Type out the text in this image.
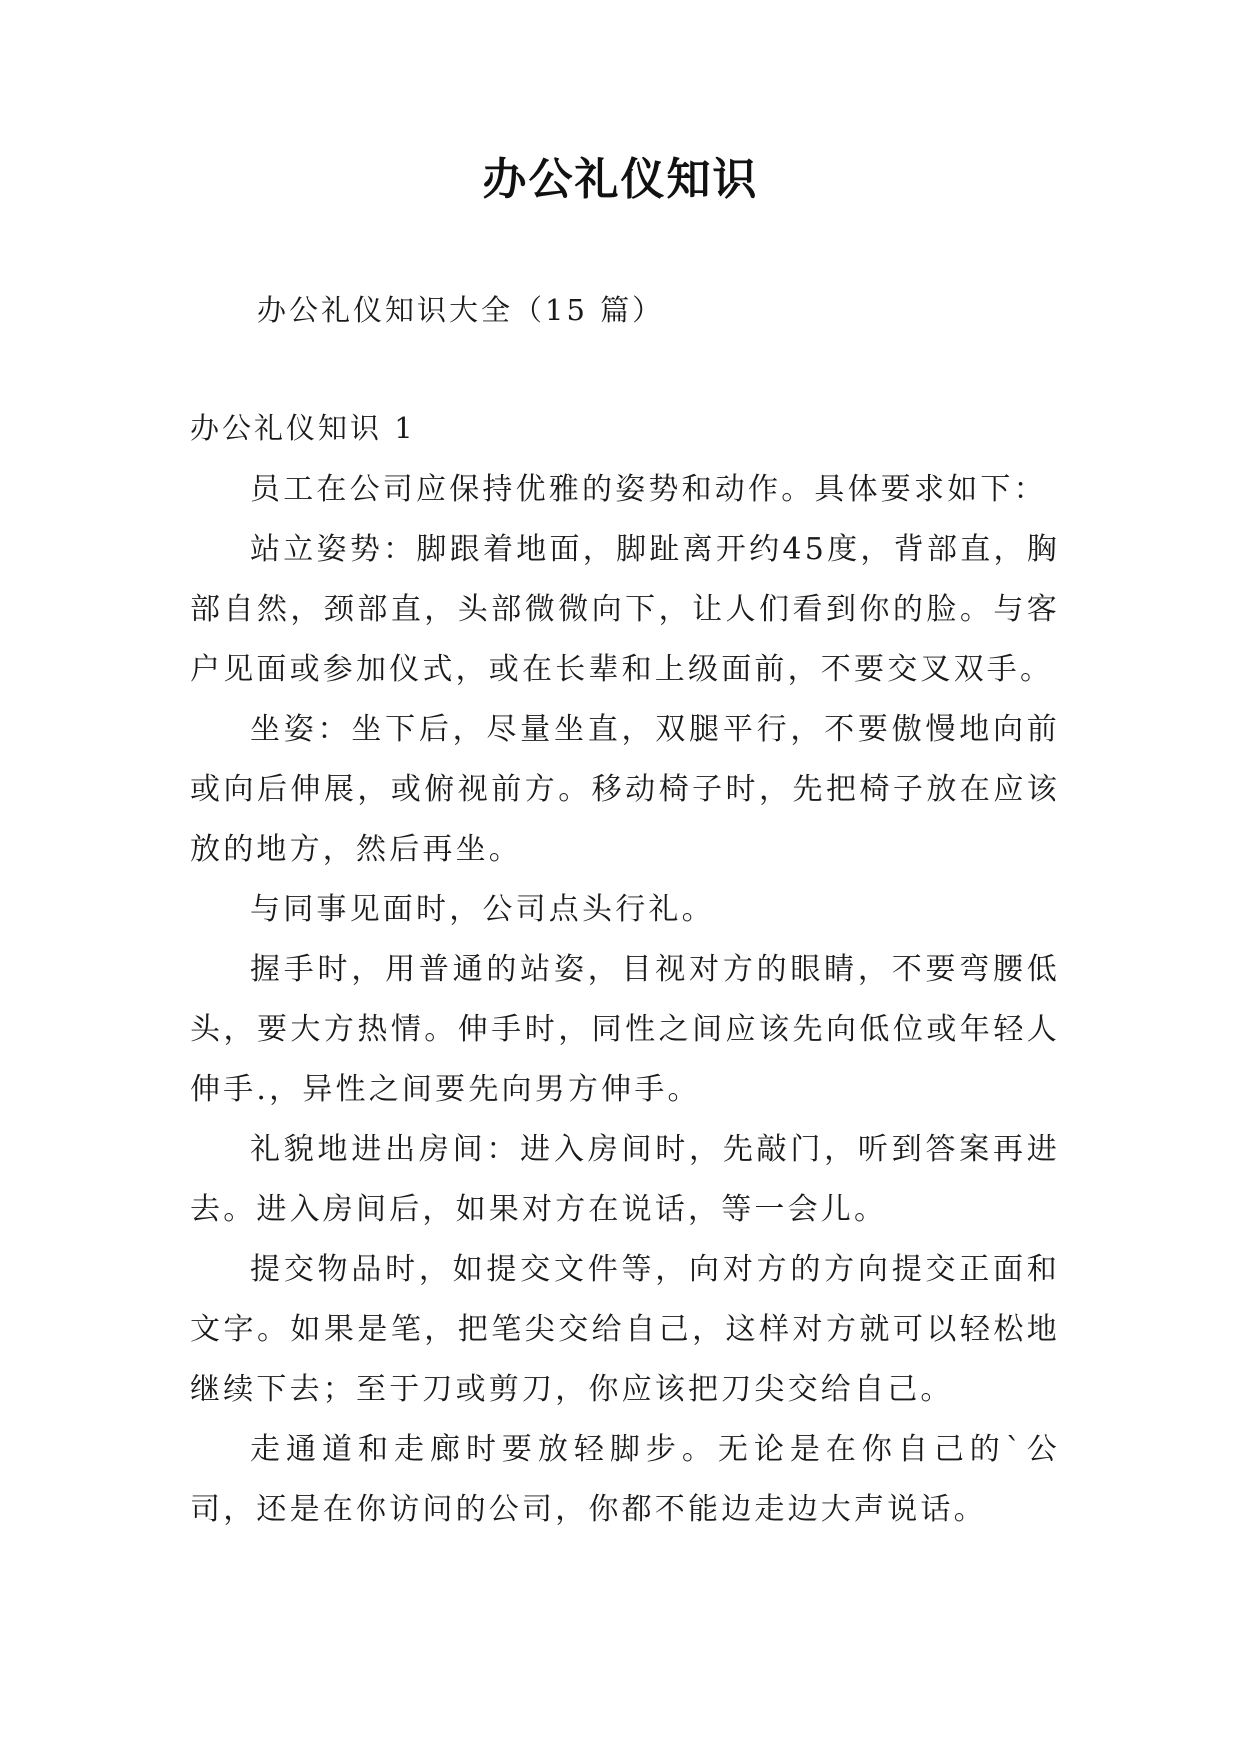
办公礼仪知识

办公礼仪知识大全（15 篇）

办公礼仪知识 1

员工在公司应保持优雅的姿势和动作。具体要求如下：

站立姿势：脚跟着地面，脚趾离开约45度，背部直，胸部自然，颈部直，头部微微向下，让人们看到你的脸。与客户见面或参加仪式，或在长辈和上级面前，不要交叉双手。

坐姿：坐下后，尽量坐直，双腿平行，不要傲慢地向前或向后伸展，或俯视前方。移动椅子时，先把椅子放在应该放的地方，然后再坐。

与同事见面时，公司点头行礼。

握手时，用普通的站姿，目视对方的眼睛，不要弯腰低头，要大方热情。伸手时，同性之间应该先向低位或年轻人伸手.，异性之间要先向男方伸手。

礼貌地进出房间：进入房间时，先敲门，听到答案再进去。进入房间后，如果对方在说话，等一会儿。

提交物品时，如提交文件等，向对方的方向提交正面和文字。如果是笔，把笔尖交给自己，这样对方就可以轻松地继续下去；至于刀或剪刀，你应该把刀尖交给自己。

走通道和走廊时要放轻脚步。无论是在你自己的`公司，还是在你访问的公司，你都不能边走边大声说话。
